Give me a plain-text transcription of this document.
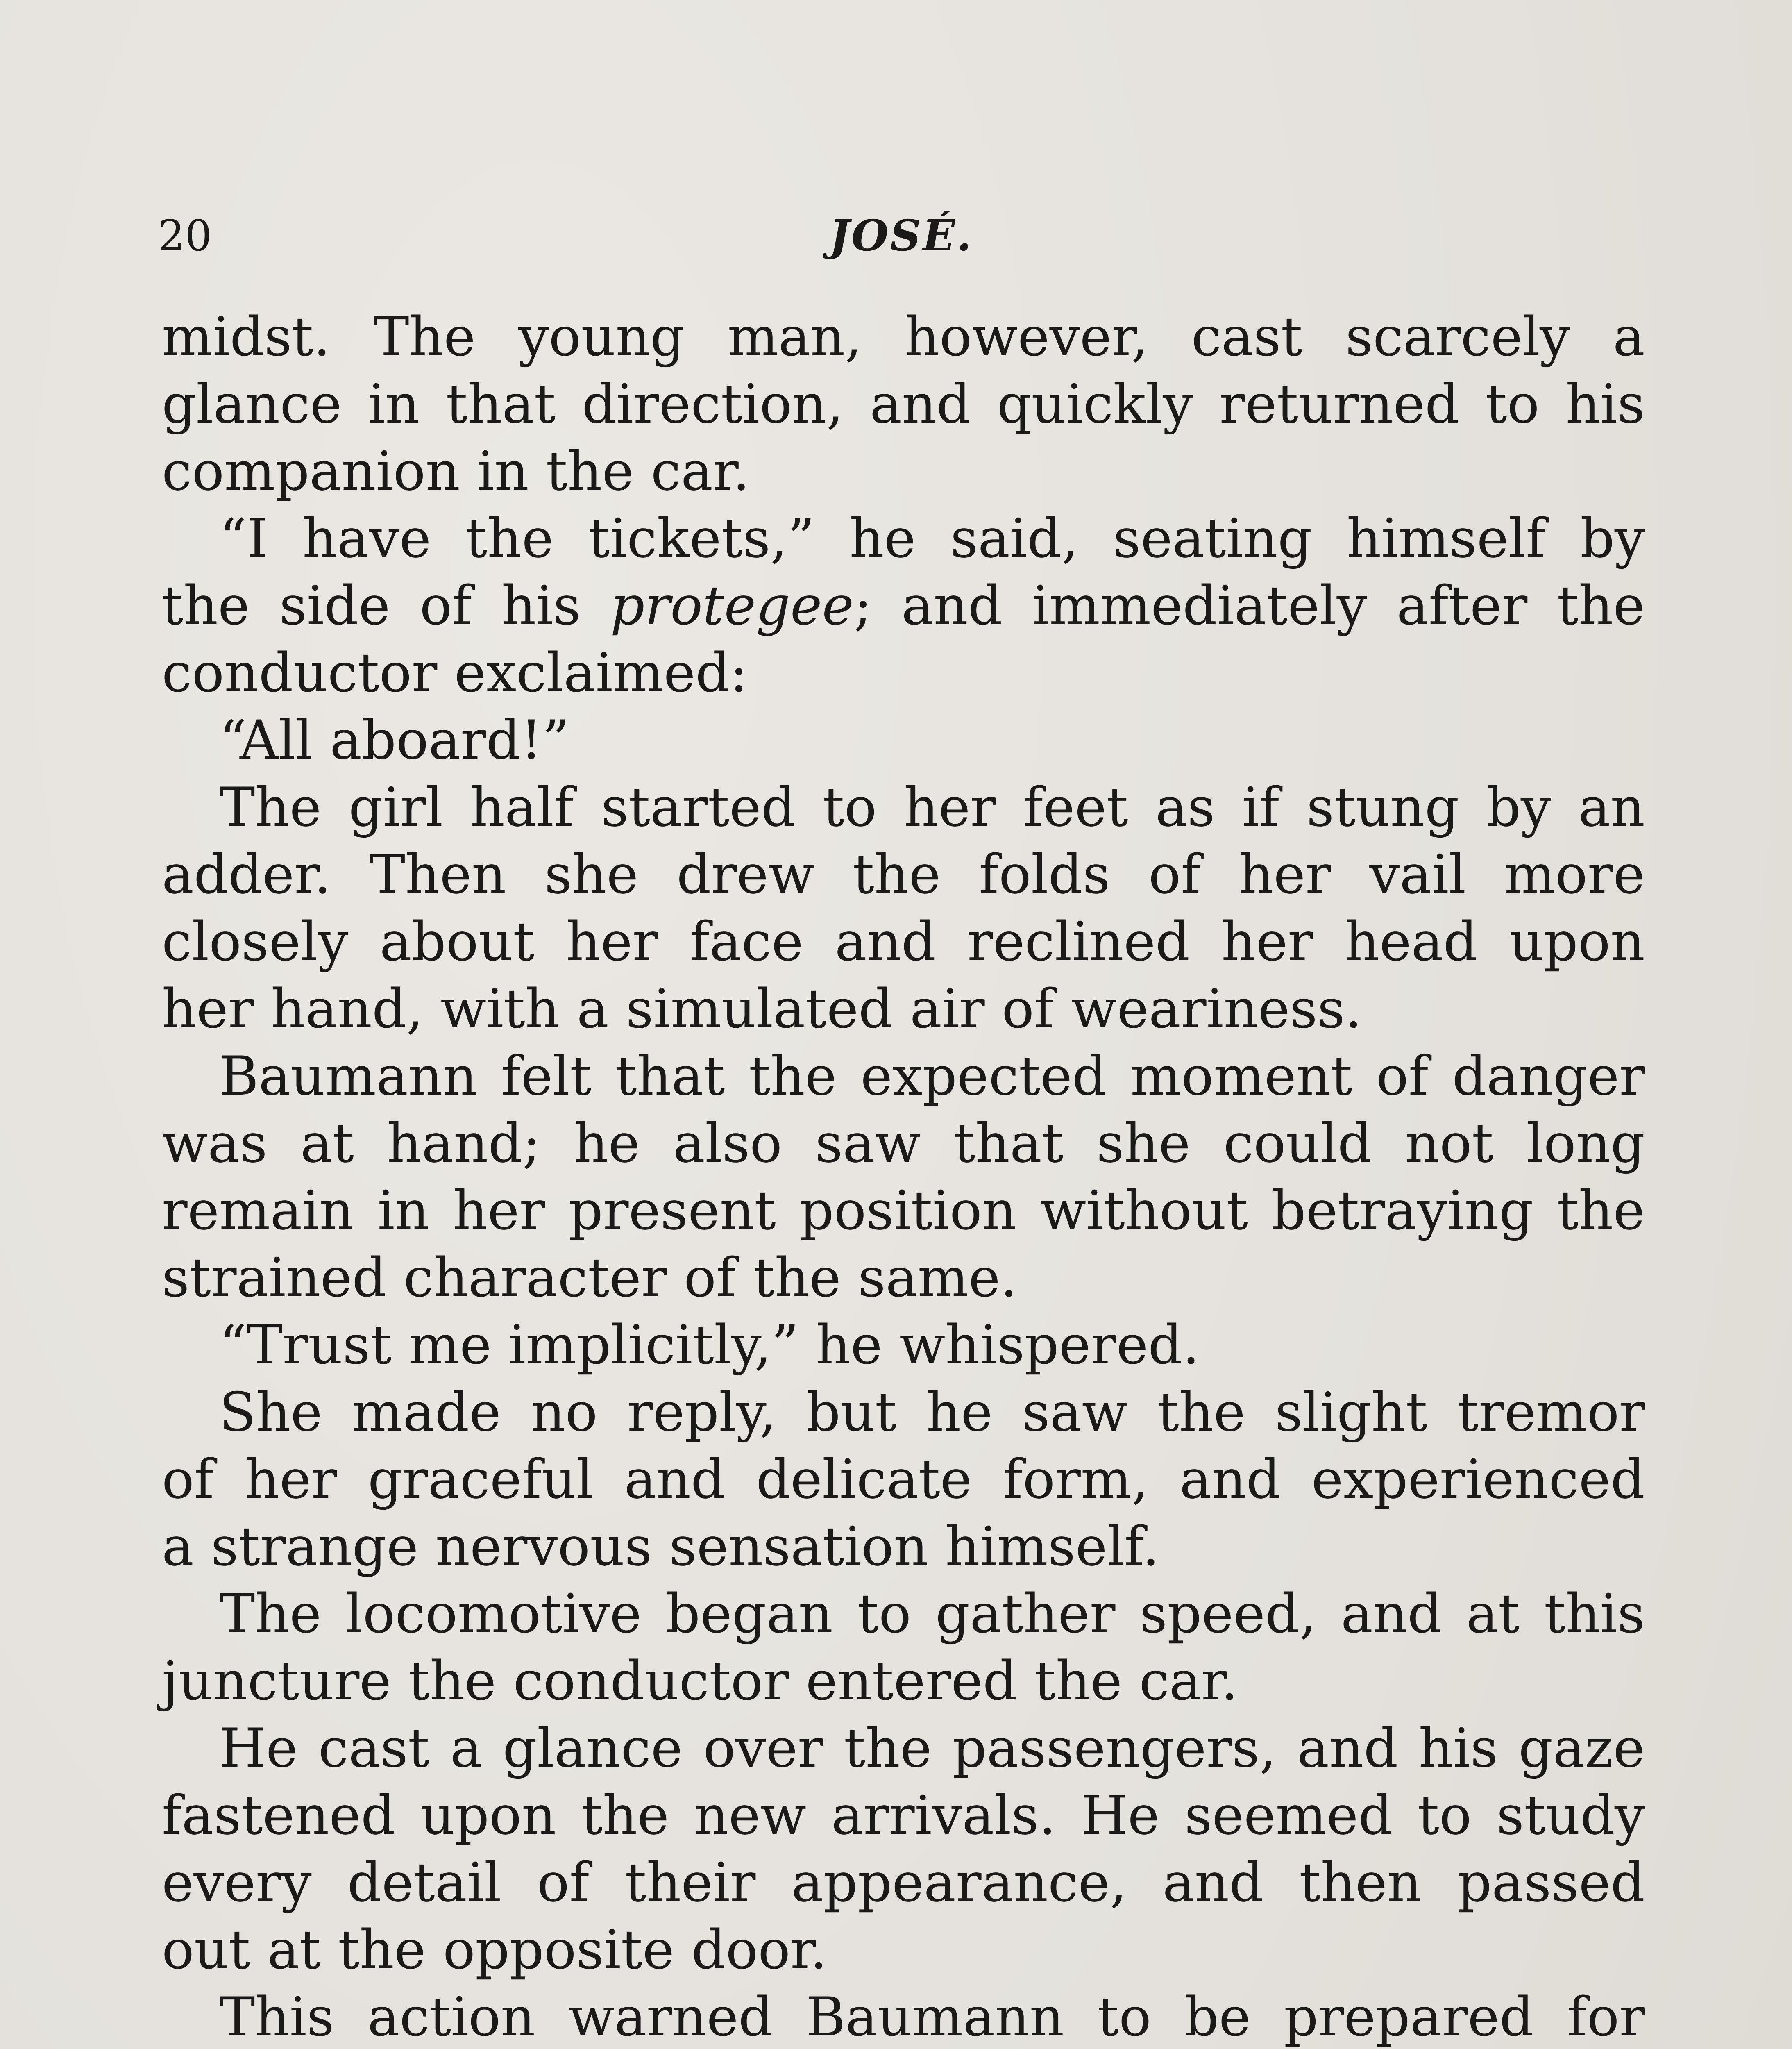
20	JOSÉ.
midst. The young man, however, cast scarcely a
glance in that direction, and quickly returned to his
companion in the car.
“I have the tickets,” he said, seating himself by
the side of his protegee; and immediately after the
conductor exclaimed:
“All aboard!”
The girl half started to her feet as if stung by an
adder. Then she drew the folds of her vail more
closely about her face and reclined her head upon
her hand, with a simulated air of weariness.
Baumann felt that the expected moment of danger
was at hand; he also saw that she could not long
remain in her present position without betraying the
strained character of the same.
“Trust me implicitly,” he whispered.
She made no reply, but he saw the slight tremor
of her graceful and delicate form, and experienced
a strange nervous sensation himself.
The locomotive began to gather speed, and at this
juncture the conductor entered the car.
He cast a glance over the passengers, and his gaze
fastened upon the new arrivals. He seemed to study
every detail of their appearance, and then passed
out at the opposite door.
This action warned Baumann to be prepared for
